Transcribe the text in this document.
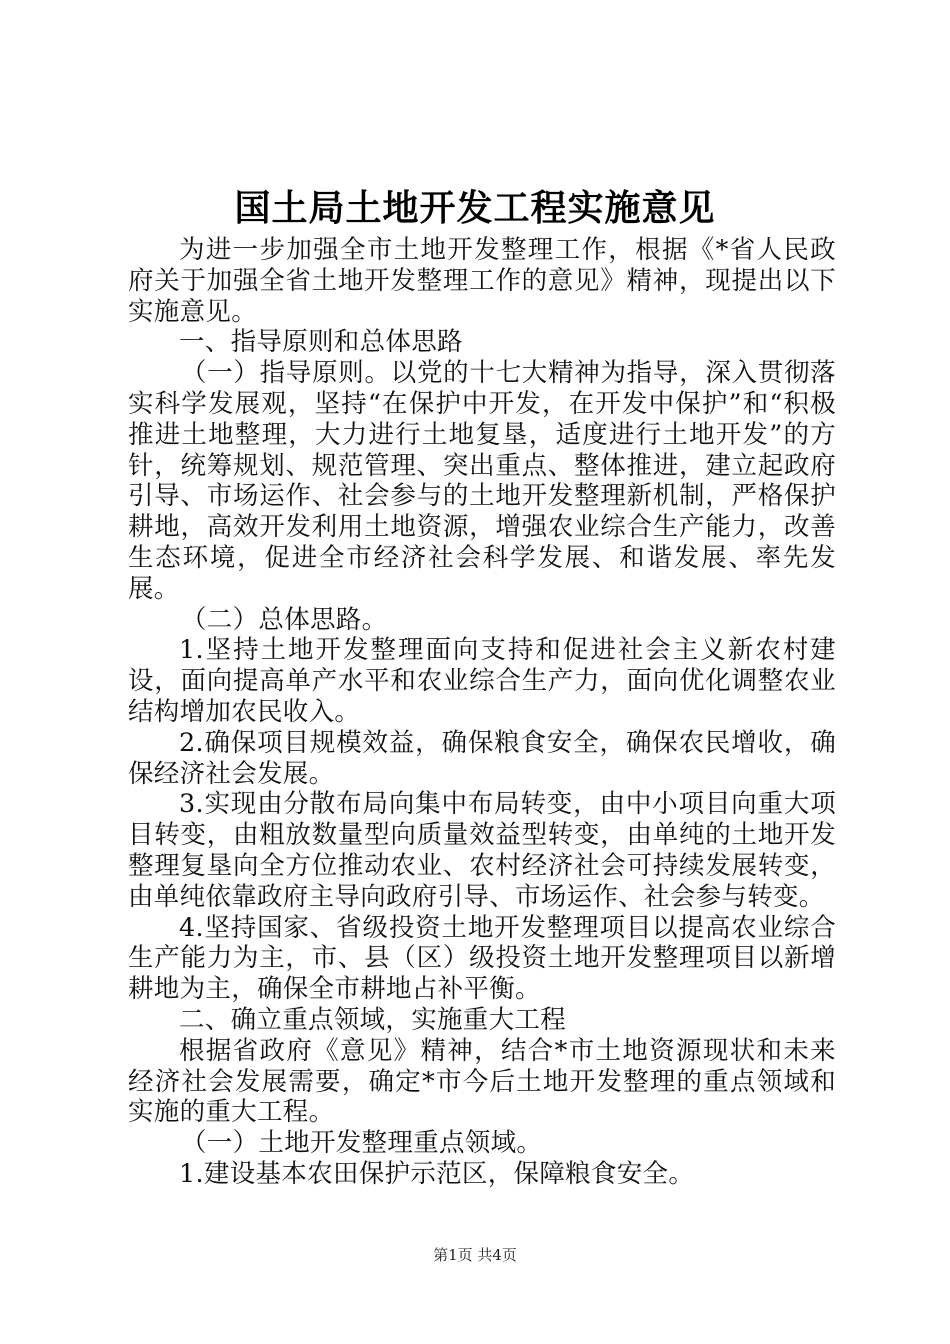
国土局土地开发工程实施意见

为进一步加强全市土地开发整理工作，根据《*省人民政府关于加强全省土地开发整理工作的意见》精神，现提出以下实施意见。

一、指导原则和总体思路

（一）指导原则。以党的十七大精神为指导，深入贯彻落实科学发展观，坚持“在保护中开发，在开发中保护”和“积极推进土地整理，大力进行土地复垦，适度进行土地开发”的方针，统筹规划、规范管理、突出重点、整体推进，建立起政府引导、市场运作、社会参与的土地开发整理新机制，严格保护耕地，高效开发利用土地资源，增强农业综合生产能力，改善生态环境，促进全市经济社会科学发展、和谐发展、率先发展。

（二）总体思路。

1.坚持土地开发整理面向支持和促进社会主义新农村建设，面向提高单产水平和农业综合生产力，面向优化调整农业结构增加农民收入。

2.确保项目规模效益，确保粮食安全，确保农民增收，确保经济社会发展。

3.实现由分散布局向集中布局转变，由中小项目向重大项目转变，由粗放数量型向质量效益型转变，由单纯的土地开发整理复垦向全方位推动农业、农村经济社会可持续发展转变，由单纯依靠政府主导向政府引导、市场运作、社会参与转变。

4.坚持国家、省级投资土地开发整理项目以提高农业综合生产能力为主，市、县（区）级投资土地开发整理项目以新增耕地为主，确保全市耕地占补平衡。

二、确立重点领域，实施重大工程

根据省政府《意见》精神，结合*市土地资源现状和未来经济社会发展需要，确定*市今后土地开发整理的重点领域和实施的重大工程。

（一）土地开发整理重点领域。

1.建设基本农田保护示范区，保障粮食安全。

第1页 共4页
